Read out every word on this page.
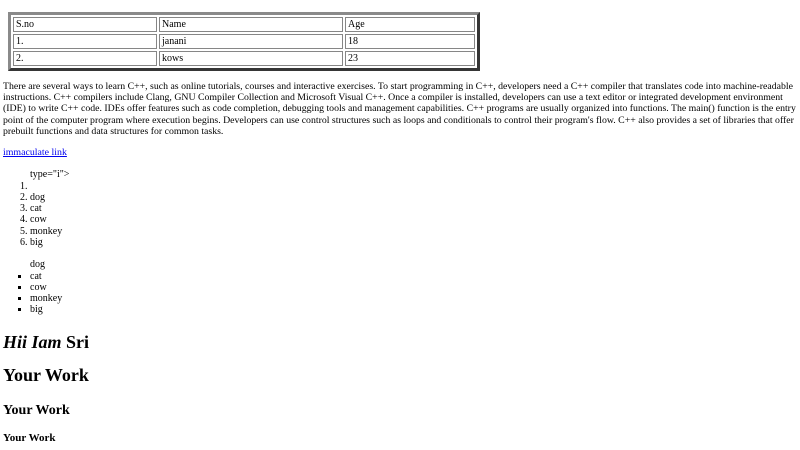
S.no	Name	Age
1.	janani	18
2.	kows	23

There are several ways to learn C++, such as online tutorials, courses and interactive exercises. To start programming in C++, developers need a C++ compiler that translates code into machine-readable instructions. C++ compilers include Clang, GNU Compiler Collection and Microsoft Visual C++. Once a compiler is installed, developers can use a text editor or integrated development environment (IDE) to write C++ code. IDEs offer features such as code completion, debugging tools and management capabilities. C++ programs are usually organized into functions. The main() function is the entry point of the computer program where execution begins. Developers can use control structures such as loops and conditionals to control their program's flow. C++ also provides a set of libraries that offer prebuilt functions and data structures for common tasks.

immaculate link

type="i">
1.
2. dog
3. cat
4. cow
5. monkey
6. big
dog
▪ cat
▪ cow
▪ monkey
▪ big
Hii Iam Sri
Your Work
Your Work
Your Work
